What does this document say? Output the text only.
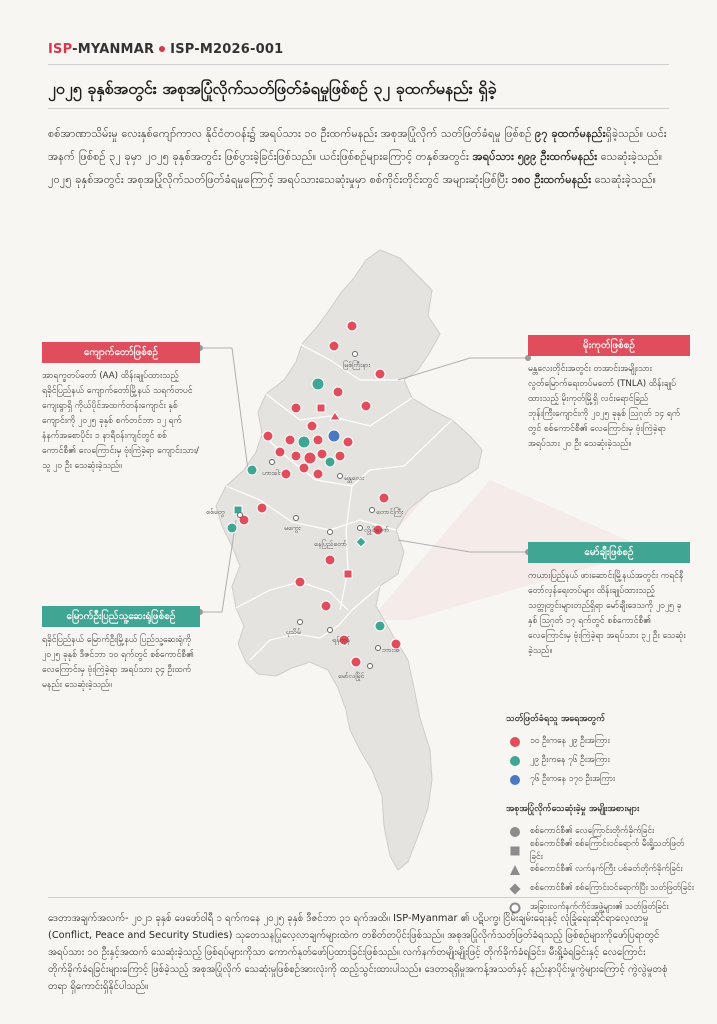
ISP-MYANMAR ISP-M2026-001
၂၀၂၅ ခုနှစ်အတွင်း အစုအပြုံလိုက်သတ်ဖြတ်ခံရမှုဖြစ်စဉ် ၃၂ ခုထက်မနည်း ရှိခဲ့
စစ်အာဏာသိမ်းမှု လေးနှစ်ကျော်ကာလ နိုင်ငံတဝန်း၌ အရပ်သား ၁၀ ဦးထက်မနည်း အစုအပြုံလိုက် သတ်ဖြတ်ခံရမှု ဖြစ်စဉ် ၉၇ ခုထက်မနည်းရှိခဲ့သည်။ ယင်းအနက် ဖြစ်စဉ် ၃၂ ခုမှာ ၂၀၂၅ ခုနှစ်အတွင်း ဖြစ်ပွားခဲ့ခြင်းဖြစ်သည်။ ယင်းဖြစ်စဉ်များကြောင့် တနှစ်အတွင်း အရပ်သား ၅၉၉ ဦးထက်မနည်း သေဆုံးခဲ့သည်။ ၂၀၂၅ ခုနှစ်အတွင်း အစုအပြုံလိုက်သတ်ဖြတ်ခံရမှုကြောင့် အရပ်သားသေဆုံးမှုမှာ စစ်ကိုင်းတိုင်းတွင် အများဆုံးဖြစ်ပြီး ၁၈၀ ဦးထက်မနည်း သေဆုံးခဲ့သည်။
မြစ်ကြီးနား
ဟားခါး
မန္တလေး
တောင်ကြီး
စစ်တွေ
မကွေး
နေပြည်တော်
လွိုင်ကော်
ပုသိမ်
ရန်ကုန်
ဘားအံ
မော်လမြိုင်
ကျောက်တော်ဖြစ်စဉ်
အာရက္ခတပ်တော် (AA) ထိန်းချုပ်ထားသည့် ရခိုင်ပြည်နယ် ကျောက်တော်မြို့နယ် သရက်တပင် ကျေးရွာရှိ ကိုယ်ပိုင်အထက်တန်းကျောင်း နှစ်ကျောင်းကို ၂၀၂၅ ခုနှစ် စက်တင်ဘာ ၁၂ ရက် နံနက်အစောပိုင်း ၁ နာရီဝန်းကျင်တွင် စစ်ကောင်စီ၏ လေကြောင်းမှ ဗုံးကြဲခဲ့ရာ ကျောင်းသား/သူ ၂၀ ဦး သေဆုံးခဲ့သည်။
မိုးကုတ်ဖြစ်စဉ်
မန္တလေးတိုင်းအတွင်း တအာင်းအမျိုးသား လွတ်မြောက်ရေးတပ်မတော် (TNLA) ထိန်းချုပ်ထားသည့် မိုးကုတ်မြို့ရှိ လင်းရောင်ခြည်ဘုန်းကြီးကျောင်းကို ၂၀၂၅ ခုနှစ် ဩဂုတ် ၁၄ ရက်တွင် စစ်ကောင်စီ၏ လေကြောင်းမှ ဗုံးကြဲခဲ့ရာ အရပ်သား ၂၀ ဦး သေဆုံးခဲ့သည်။
မြောက်ဦးပြည်သူ့ဆေးရုံဖြစ်စဉ်
ရခိုင်ပြည်နယ် မြောက်ဦးမြို့နယ် ပြည်သူ့ဆေးရုံကို ၂၀၂၅ ခုနှစ် ဒီဇင်ဘာ ၁၀ ရက်တွင် စစ်ကောင်စီ၏ လေကြောင်းမှ ဗုံးကြဲခဲ့ရာ အရပ်သား ၃၄ ဦးထက်မနည်း သေဆုံးခဲ့သည်။
မော်ချီးဖြစ်စဉ်
ကယားပြည်နယ် ဖားဆောင်းမြို့နယ်အတွင်း ကရင်နီတော်လှန်ရေးတပ်များ ထိန်းချုပ်ထားသည့် သတ္တုတွင်းများတည်ရှိရာ မော်ချီးဒေသကို ၂၀၂၅ ခုနှစ် ဩဂုတ် ၁၇ ရက်တွင် စစ်ကောင်စီ၏ လေကြောင်းမှ ဗုံးကြဲခဲ့ရာ အရပ်သား ၃၂ ဦး သေဆုံးခဲ့သည်။
သတ်ဖြတ်ခံရသူ အရေအတွက်
၁၀ ဦးကနေ ၂၉ ဦးအကြား
၂၉ ဦးကနေ ၇၆ ဦးအကြား
၇၆ ဦးကနေ ၁၇၀ ဦးအကြား
အစုအပြုံလိုက်သေဆုံးခဲ့မှု အမျိုးအစားများ
စစ်ကောင်စီ၏ လေကြောင်းတိုက်ခိုက်ခြင်း
စစ်ကောင်စီ၏ စစ်ကြောင်းဝင်ရောက် မီးရှို့သတ်ဖြတ်ခြင်း
စစ်ကောင်စီ၏ လက်နက်ကြီး ပစ်ခတ်တိုက်ခိုက်ခြင်း
စစ်ကောင်စီ၏ စစ်ကြောင်းဝင်ရောက်ပြီး သတ်ဖြတ်ခြင်း
အခြားလက်နက်ကိုင်အဖွဲ့များ၏ သတ်ဖြတ်ခြင်း
ဒေတာအချက်အလက်- ၂၀၂၁ ခုနှစ် ဖေဖော်ဝါရီ ၁ ရက်ကနေ ၂၀၂၅ ခုနှစ် ဒီဇင်ဘာ ၃၁ ရက်အထိ။ ISP-Myanmar ၏ ပဋိပက္ခ၊ ငြိမ်းချမ်းရေးနှင့် လုံခြုံရေးဆိုင်ရာလေ့လာမှု (Conflict, Peace and Security Studies) သုတေသနပြုလေ့လာချက်များထဲက တစိတ်တပိုင်းဖြစ်သည်။ အစုအပြုံလိုက်သတ်ဖြတ်ခံရသည့် ဖြစ်စဉ်များကိုဖော်ပြရာတွင် အရပ်သား ၁၀ ဦးနှင့်အထက် သေဆုံးခဲ့သည့် ဖြစ်ရပ်များကိုသာ ကောက်နုတ်ဖော်ပြထားခြင်းဖြစ်သည်။ လက်နက်တမျိုးမျိုးဖြင့် တိုက်ခိုက်ခံရခြင်း၊ မီးရှို့ခံရခြင်းနှင့် လေကြောင်းတိုက်ခိုက်ခံရခြင်းများကြောင့် ဖြစ်ခဲ့သည့် အစုအပြုံလိုက် သေဆုံးမှုဖြစ်စဉ်အားလုံးကို ထည့်သွင်းထားပါသည်။ ဒေတာရရှိမှုအကန့်အသတ်နှင့် နည်းနာပိုင်းမှုကွဲများကြောင့် ကွဲလွဲမှုတစုံတရာ ရှိကောင်းရှိနိုင်ပါသည်။
